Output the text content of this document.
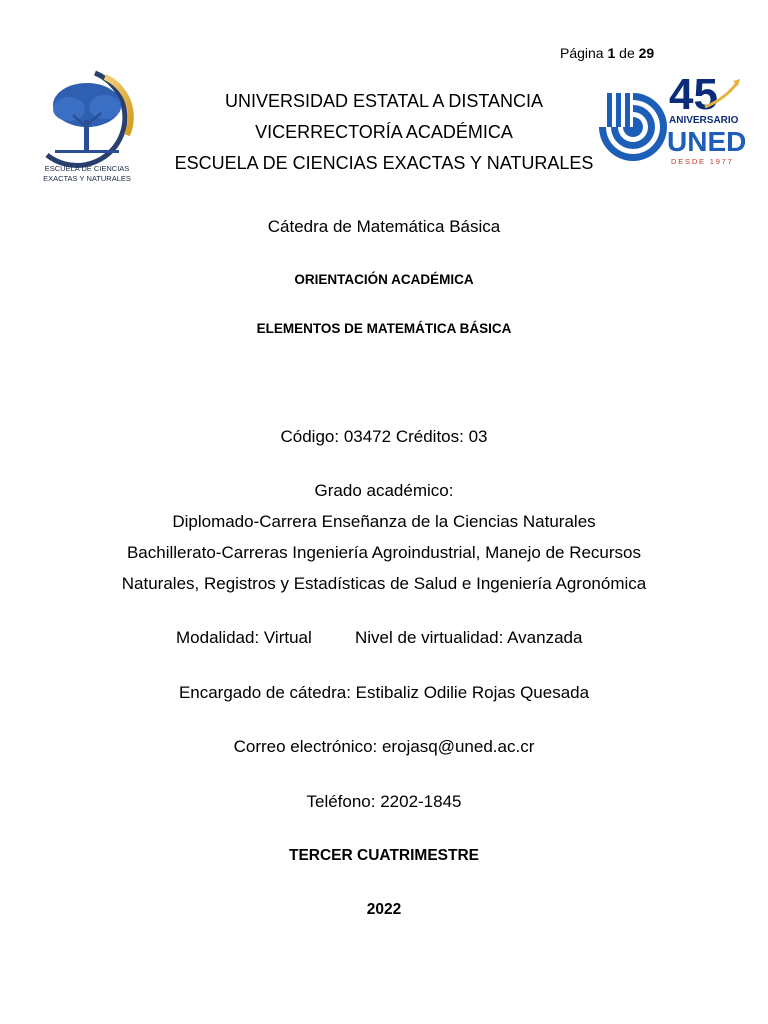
Página 1 de 29
ESCUELA DE CIENCIAS
EXACTAS Y NATURALES
45
ANIVERSARIO
UNED
DESDE 1977
UNIVERSIDAD ESTATAL A DISTANCIA
VICERRECTORÍA ACADÉMICA
ESCUELA DE CIENCIAS EXACTAS Y NATURALES
Cátedra de Matemática Básica
ORIENTACIÓN ACADÉMICA
ELEMENTOS DE MATEMÁTICA BÁSICA
Código: 03472 Créditos: 03
Grado académico:
Diplomado-Carrera Enseñanza de la Ciencias Naturales
Bachillerato-Carreras Ingeniería Agroindustrial, Manejo de Recursos
Naturales, Registros y Estadísticas de Salud e Ingeniería Agronómica
Modalidad: Virtual	Nivel de virtualidad: Avanzada
Encargado de cátedra: Estibaliz Odilie Rojas Quesada
Correo electrónico: erojasq@uned.ac.cr
Teléfono: 2202-1845
TERCER CUATRIMESTRE
2022
